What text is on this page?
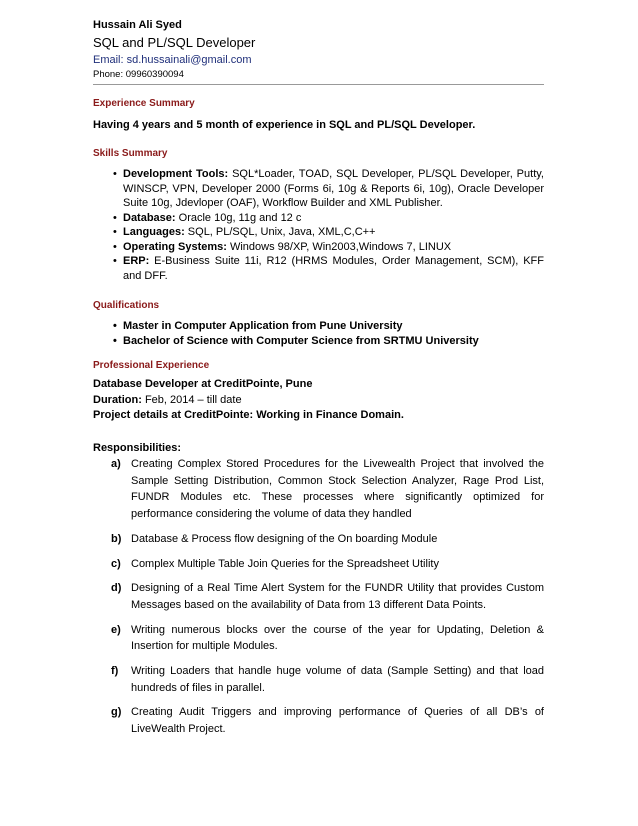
Hussain Ali Syed
SQL and PL/SQL Developer
Email: sd.hussainali@gmail.com
Phone: 09960390094
Experience Summary
Having 4 years and 5 month of experience in SQL and PL/SQL Developer.
Skills Summary
• Development Tools: SQL*Loader, TOAD, SQL Developer, PL/SQL Developer, Putty, WINSCP, VPN, Developer 2000 (Forms 6i, 10g & Reports 6i, 10g), Oracle Developer Suite 10g, Jdevloper (OAF), Workflow Builder and XML Publisher.
• Database: Oracle 10g, 11g and 12 c
• Languages: SQL, PL/SQL, Unix, Java, XML,C,C++
• Operating Systems: Windows 98/XP, Win2003,Windows 7, LINUX
• ERP: E-Business Suite 11i, R12 (HRMS Modules, Order Management, SCM), KFF and DFF.
Qualifications
• Master in Computer Application from Pune University
• Bachelor of Science with Computer Science from SRTMU University
Professional Experience
Database Developer at CreditPointe, Pune
Duration: Feb, 2014 – till date
Project details at CreditPointe: Working in Finance Domain.
Responsibilities:
a) Creating Complex Stored Procedures for the Livewealth Project that involved the Sample Setting Distribution, Common Stock Selection Analyzer, Rage Prod List, FUNDR Modules etc. These processes where significantly optimized for performance considering the volume of data they handled
b) Database & Process flow designing of the On boarding Module
c) Complex Multiple Table Join Queries for the Spreadsheet Utility
d) Designing of a Real Time Alert System for the FUNDR Utility that provides Custom Messages based on the availability of Data from 13 different Data Points.
e) Writing numerous blocks over the course of the year for Updating, Deletion & Insertion for multiple Modules.
f) Writing Loaders that handle huge volume of data (Sample Setting) and that load hundreds of files in parallel.
g) Creating Audit Triggers and improving performance of Queries of all DB’s of LiveWealth Project.
